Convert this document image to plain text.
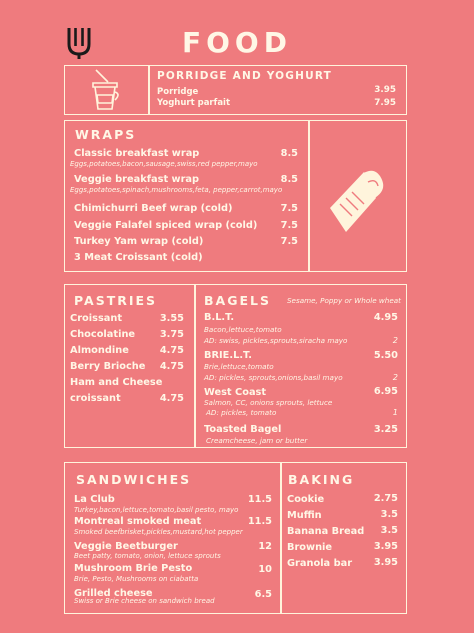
FOOD
PORRIDGE AND YOGHURT
Porridge	3.95
Yoghurt parfait	7.95
WRAPS
Classic breakfast wrap	8.5
Eggs,potatoes,bacon,sausage,swiss,red pepper,mayo
Veggie breakfast wrap	8.5
Eggs,potatoes,spinach,mushrooms,feta, pepper,carrot,mayo
Chimichurri Beef wrap (cold)	7.5
Veggie Falafel spiced wrap (cold) 7.5
Turkey Yam wrap (cold)	7.5
3 Meat Croissant (cold)
PASTRIES
Croissant	3.55
Chocolatine	3.75
Almondine	4.75
Berry Brioche 4.75
Ham and Cheese
croissant	4.75
BAGELS Sesame, Poppy or Whole wheat
B.L.T.	4.95
Bacon,lettuce,tomato
AD: swiss, pickles,sprouts,siracha mayo	2
BRIE.L.T.	5.50
Brie,lettuce,tomato
AD: pickles, sprouts,onions,basil mayo	2
West Coast	6.95
Salmon, CC, onions sprouts, lettuce
AD: pickles, tomato	1
Toasted Bagel	3.25
Creamcheese, jam or butter
SANDWICHES
La Club	11.5
Turkey,bacon,lettuce,tomato,basil pesto, mayo
Montreal smoked meat	11.5
Smoked beefbrisket,pickles,mustard,hot pepper
Veggie Beetburger	12
Beet patty, tomato, onion, lettuce sprouts
Mushroom Brie Pesto	10
Brie, Pesto, Mushrooms on ciabatta
Grilled cheese	6.5
Swiss or Brie cheese on sandwich bread
BAKING
Cookie	2.75
Muffin	3.5
Banana Bread 3.5
Brownie	3.95
Granola bar 3.95
